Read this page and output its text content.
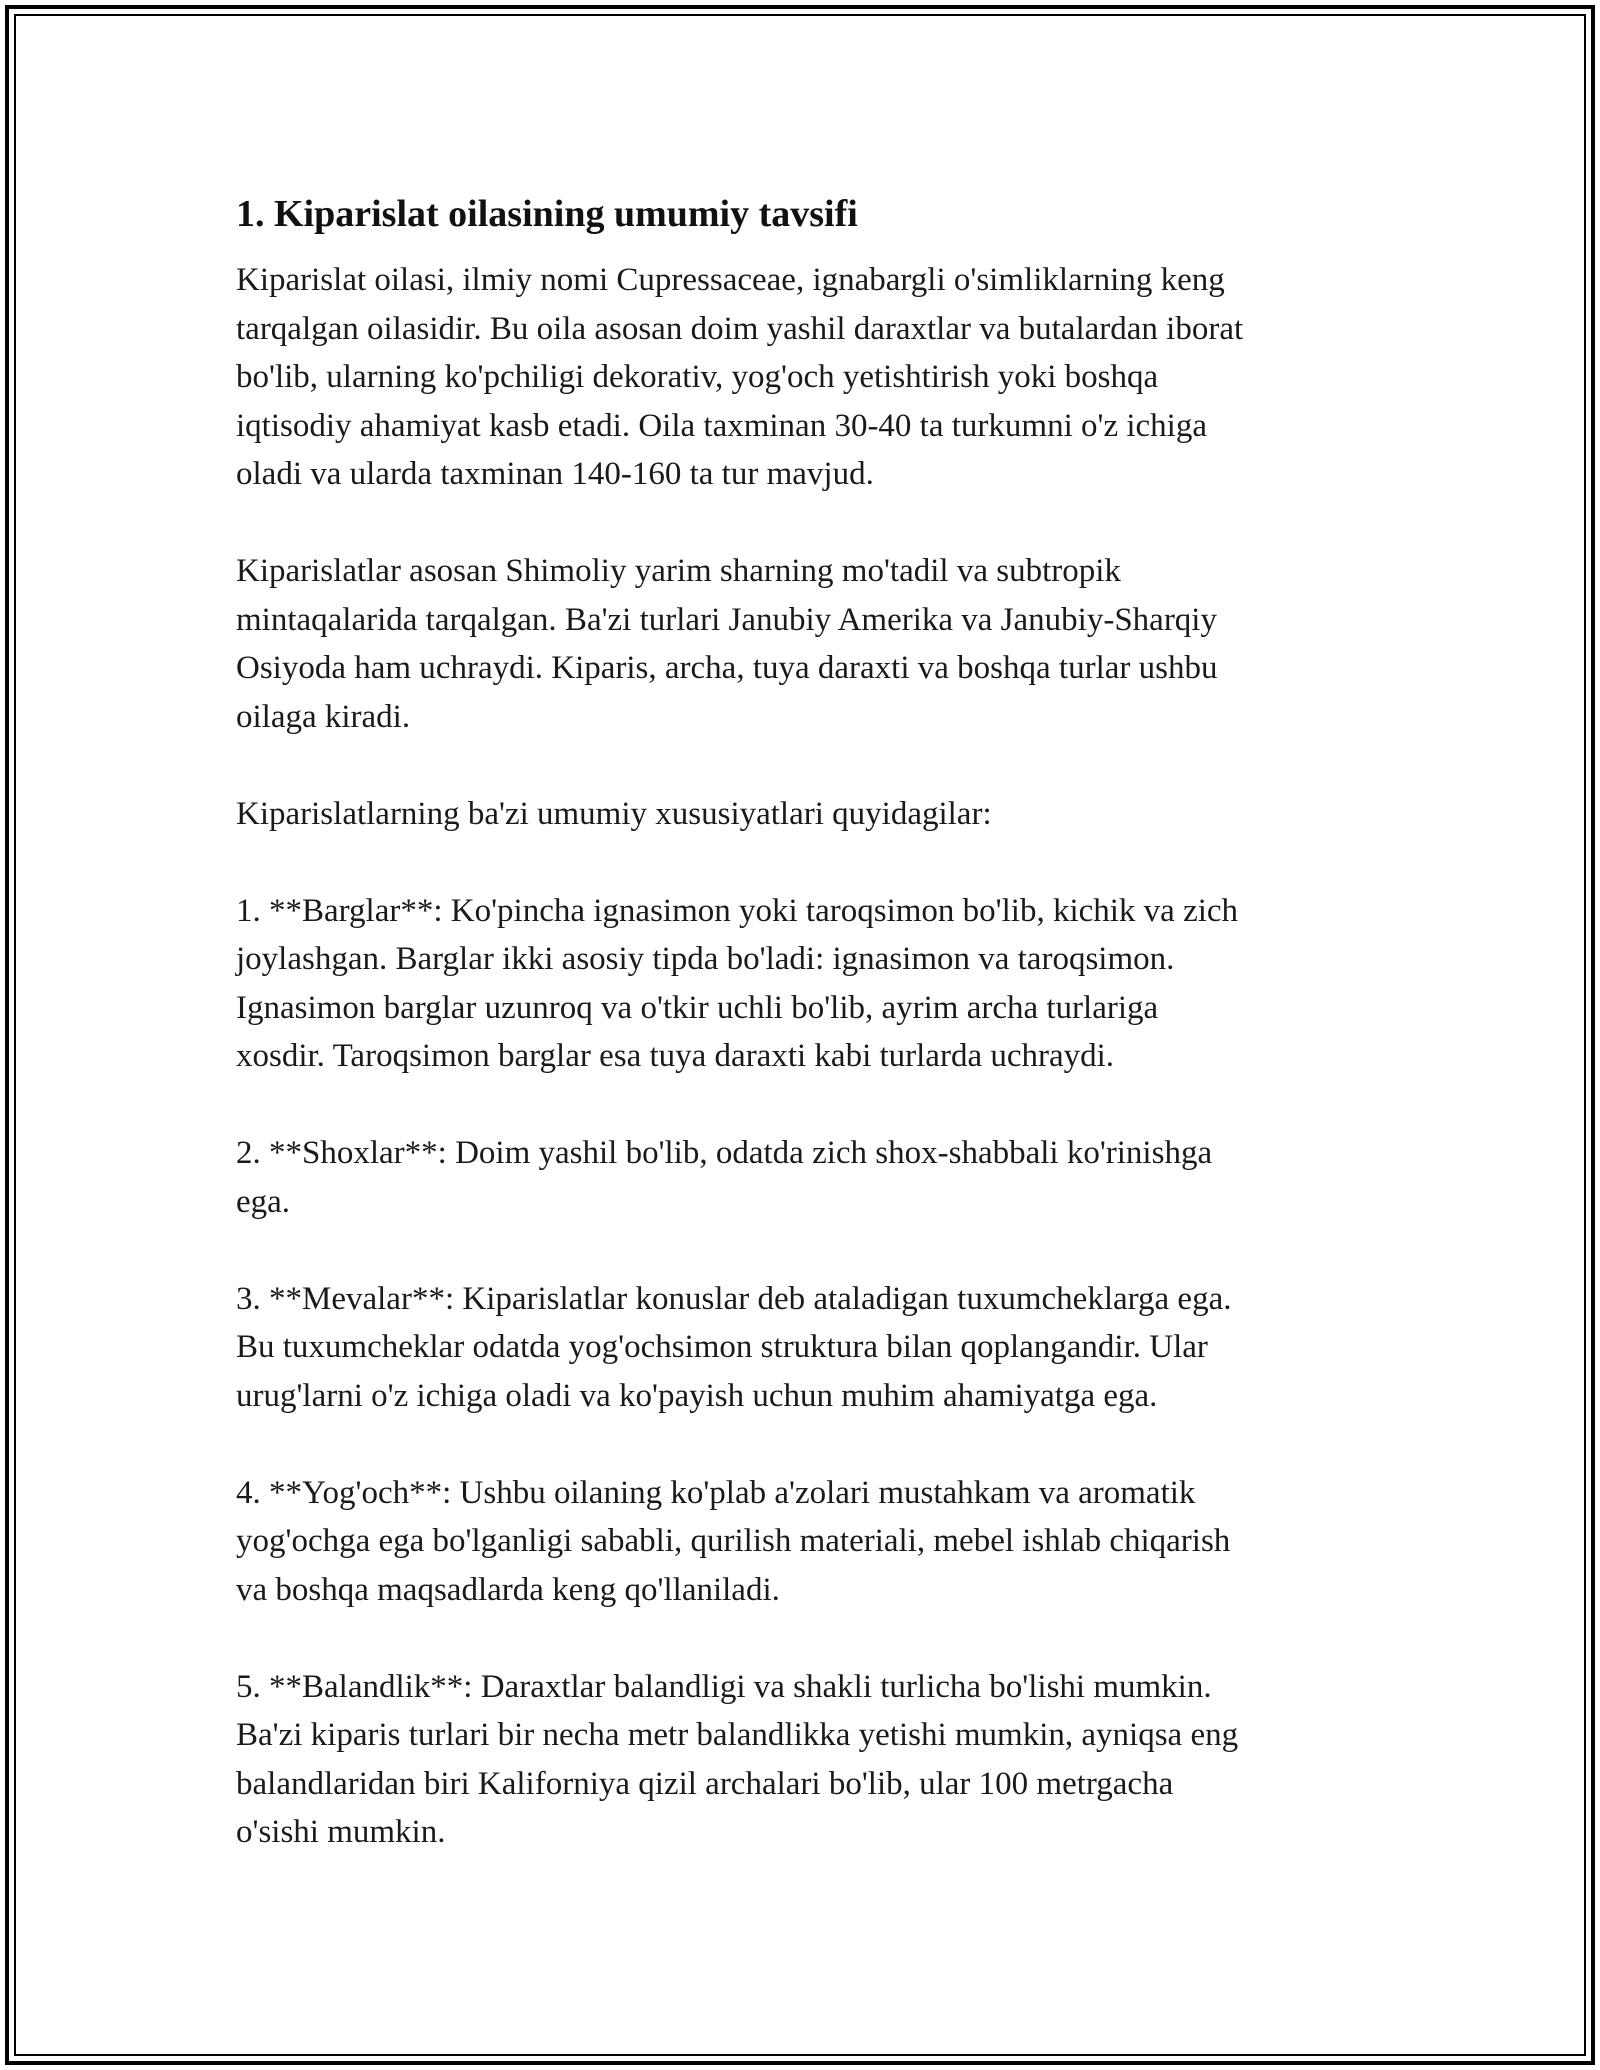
1. Kiparislat oilasining umumiy tavsifi

Kiparislat oilasi, ilmiy nomi Cupressaceae, ignabargli o'simliklarning keng
tarqalgan oilasidir. Bu oila asosan doim yashil daraxtlar va butalardan iborat
bo'lib, ularning ko'pchiligi dekorativ, yog'och yetishtirish yoki boshqa
iqtisodiy ahamiyat kasb etadi. Oila taxminan 30-40 ta turkumni o'z ichiga
oladi va ularda taxminan 140-160 ta tur mavjud.

Kiparislatlar asosan Shimoliy yarim sharning mo'tadil va subtropik
mintaqalarida tarqalgan. Ba'zi turlari Janubiy Amerika va Janubiy-Sharqiy
Osiyoda ham uchraydi. Kiparis, archa, tuya daraxti va boshqa turlar ushbu
oilaga kiradi.

Kiparislatlarning ba'zi umumiy xususiyatlari quyidagilar:

1. **Barglar**: Ko'pincha ignasimon yoki taroqsimon bo'lib, kichik va zich
joylashgan. Barglar ikki asosiy tipda bo'ladi: ignasimon va taroqsimon.
Ignasimon barglar uzunroq va o'tkir uchli bo'lib, ayrim archa turlariga
xosdir. Taroqsimon barglar esa tuya daraxti kabi turlarda uchraydi.

2. **Shoxlar**: Doim yashil bo'lib, odatda zich shox-shabbali ko'rinishga
ega.

3. **Mevalar**: Kiparislatlar konuslar deb ataladigan tuxumcheklarga ega.
Bu tuxumcheklar odatda yog'ochsimon struktura bilan qoplangandir. Ular
urug'larni o'z ichiga oladi va ko'payish uchun muhim ahamiyatga ega.

4. **Yog'och**: Ushbu oilaning ko'plab a'zolari mustahkam va aromatik
yog'ochga ega bo'lganligi sababli, qurilish materiali, mebel ishlab chiqarish
va boshqa maqsadlarda keng qo'llaniladi.

5. **Balandlik**: Daraxtlar balandligi va shakli turlicha bo'lishi mumkin.
Ba'zi kiparis turlari bir necha metr balandlikka yetishi mumkin, ayniqsa eng
balandlaridan biri Kaliforniya qizil archalari bo'lib, ular 100 metrgacha
o'sishi mumkin.
